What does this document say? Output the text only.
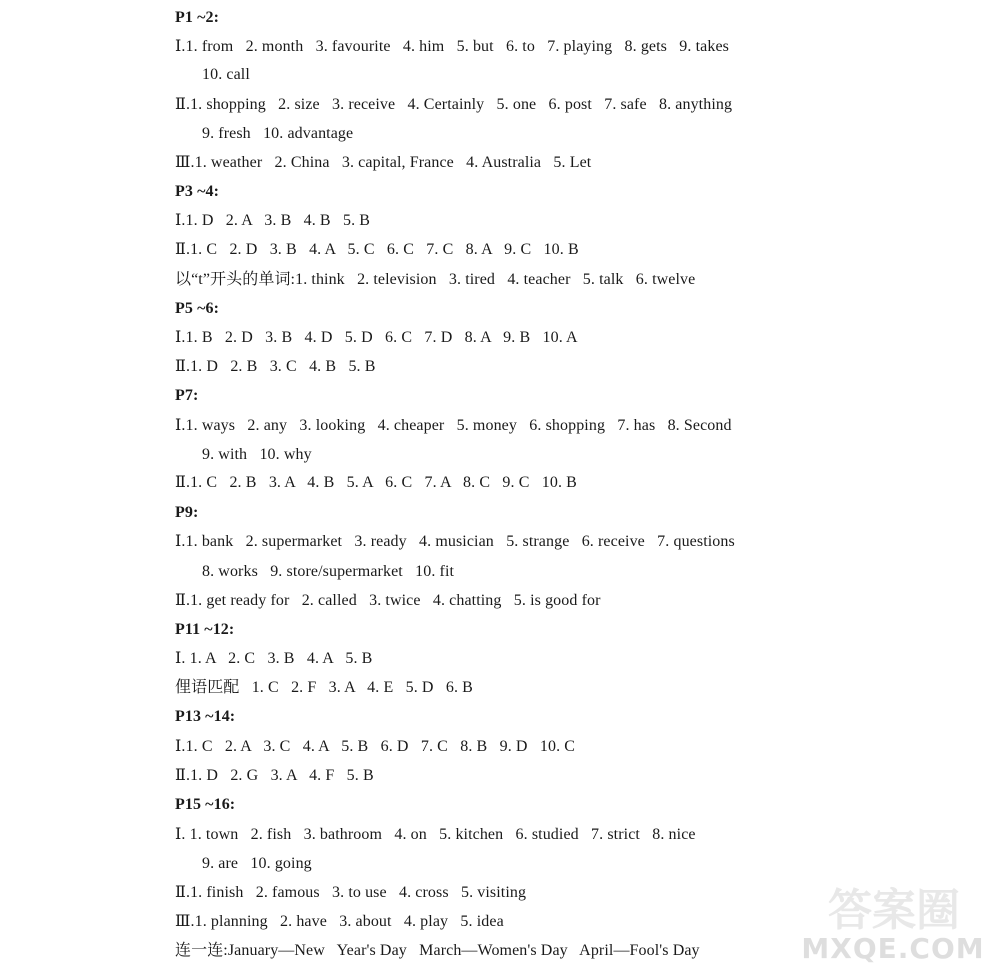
P1 ~2:
Ⅰ.1. from   2. month   3. favourite   4. him   5. but   6. to   7. playing   8. gets   9. takes
10. call
Ⅱ.1. shopping   2. size   3. receive   4. Certainly   5. one   6. post   7. safe   8. anything
9. fresh   10. advantage
Ⅲ.1. weather   2. China   3. capital, France   4. Australia   5. Let
P3 ~4:
Ⅰ.1. D   2. A   3. B   4. B   5. B
Ⅱ.1. C   2. D   3. B   4. A   5. C   6. C   7. C   8. A   9. C   10. B
以“t”开头的单词:1. think   2. television   3. tired   4. teacher   5. talk   6. twelve
P5 ~6:
Ⅰ.1. B   2. D   3. B   4. D   5. D   6. C   7. D   8. A   9. B   10. A
Ⅱ.1. D   2. B   3. C   4. B   5. B
P7:
Ⅰ.1. ways   2. any   3. looking   4. cheaper   5. money   6. shopping   7. has   8. Second
9. with   10. why
Ⅱ.1. C   2. B   3. A   4. B   5. A   6. C   7. A   8. C   9. C   10. B
P9:
Ⅰ.1. bank   2. supermarket   3. ready   4. musician   5. strange   6. receive   7. questions
8. works   9. store/supermarket   10. fit
Ⅱ.1. get ready for   2. called   3. twice   4. chatting   5. is good for
P11 ~12:
Ⅰ. 1. A   2. C   3. B   4. A   5. B
俚语匹配   1. C   2. F   3. A   4. E   5. D   6. B
P13 ~14:
Ⅰ.1. C   2. A   3. C   4. A   5. B   6. D   7. C   8. B   9. D   10. C
Ⅱ.1. D   2. G   3. A   4. F   5. B
P15 ~16:
Ⅰ. 1. town   2. fish   3. bathroom   4. on   5. kitchen   6. studied   7. strict   8. nice
9. are   10. going
Ⅱ.1. finish   2. famous   3. to use   4. cross   5. visiting
Ⅲ.1. planning   2. have   3. about   4. play   5. idea
连一连:January—New   Year's Day   March—Women's Day   April—Fool's Day
答案圈
MXQE.COM
